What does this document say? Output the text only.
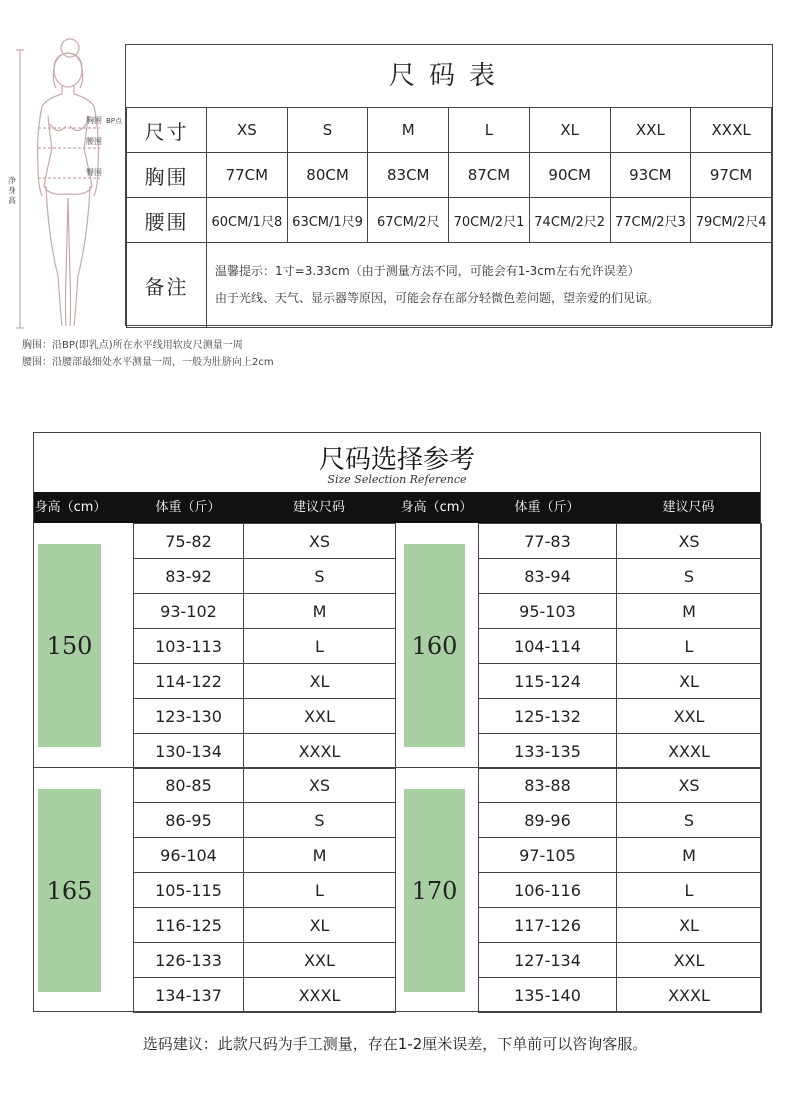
胸围 BP点
腰围
臀围
净身高
胸围：沿BP(即乳点)所在水平线用软皮尺测量一周
腰围：沿腰部最细处水平测量一周，一般为肚脐向上2cm
尺码表
尺寸	XS	S	M	L	XL	XXL	XXXL
胸围	77CM	80CM	83CM	87CM	90CM	93CM	97CM
腰围	60CM/1尺8	63CM/1尺9	67CM/2尺	70CM/2尺1	74CM/2尺2	77CM/2尺3	79CM/2尺4
备注	温馨提示：1寸=3.33cm（由于测量方法不同，可能会有1-3cm左右允许误差）
由于光线、天气、显示器等原因，可能会存在部分轻微色差问题，望亲爱的们见谅。						
尺码选择参考
Size Selection Reference
身高（cm）	体重（斤）	建议尺码	身高（cm）	体重（斤）	建议尺码
150
75-82	XS
83-92	S
93-102	M
103-113	L
114-122	XL
123-130	XXL
130-134	XXXL
160
77-83	XS
83-94	S
95-103	M
104-114	L
115-124	XL
125-132	XXL
133-135	XXXL
165
80-85	XS
86-95	S
96-104	M
105-115	L
116-125	XL
126-133	XXL
134-137	XXXL
170
83-88	XS
89-96	S
97-105	M
106-116	L
117-126	XL
127-134	XXL
135-140	XXXL
选码建议：此款尺码为手工测量，存在1-2厘米误差，下单前可以咨询客服。
